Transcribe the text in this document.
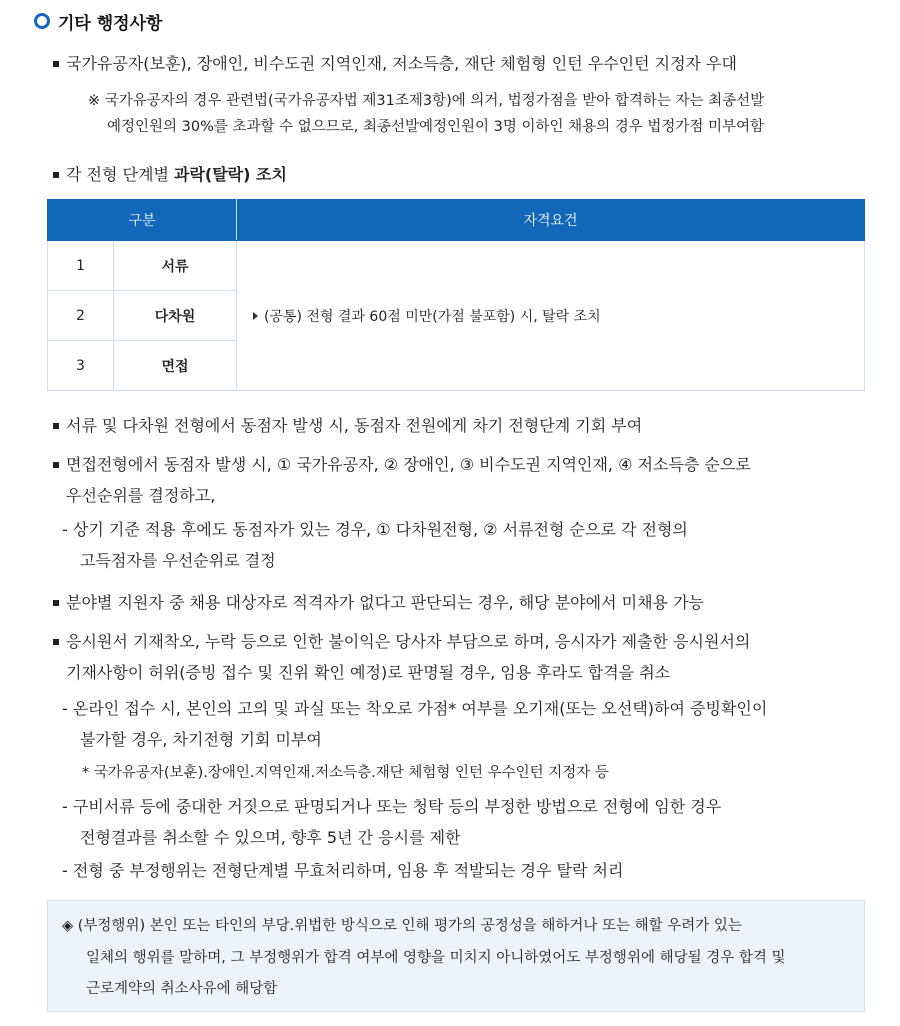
기타 행정사항
국가유공자(보훈), 장애인, 비수도권 지역인재, 저소득층, 재단 체험형 인턴 우수인턴 지정자 우대
※ 국가유공자의 경우 관련법(국가유공자법 제31조제3항)에 의거, 법정가점을 받아 합격하는 자는 최종선발
예정인원의 30%를 초과할 수 없으므로, 최종선발예정인원이 3명 이하인 채용의 경우 법정가점 미부여함
각 전형 단계별 과락(탈락) 조치
구분		자격요건
1	서류	(공통) 전형 결과 60점 미만(가점 불포함) 시, 탈락 조치
2	다차원	
3	면접	
서류 및 다차원 전형에서 동점자 발생 시, 동점자 전원에게 차기 전형단계 기회 부여
면접전형에서 동점자 발생 시, ① 국가유공자, ② 장애인, ③ 비수도권 지역인재, ④ 저소득층 순으로
우선순위를 결정하고,
- 상기 기준 적용 후에도 동점자가 있는 경우, ① 다차원전형, ② 서류전형 순으로 각 전형의
고득점자를 우선순위로 결정
분야별 지원자 중 채용 대상자로 적격자가 없다고 판단되는 경우, 해당 분야에서 미채용 가능
응시원서 기재착오, 누락 등으로 인한 불이익은 당사자 부담으로 하며, 응시자가 제출한 응시원서의
기재사항이 허위(증빙 접수 및 진위 확인 예정)로 판명될 경우, 임용 후라도 합격을 취소
- 온라인 접수 시, 본인의 고의 및 과실 또는 착오로 가점* 여부를 오기재(또는 오선택)하여 증빙확인이
불가할 경우, 차기전형 기회 미부여
* 국가유공자(보훈).장애인.지역인재.저소득층.재단 체험형 인턴 우수인턴 지정자 등
- 구비서류 등에 중대한 거짓으로 판명되거나 또는 청탁 등의 부정한 방법으로 전형에 임한 경우
전형결과를 취소할 수 있으며, 향후 5년 간 응시를 제한
- 전형 중 부정행위는 전형단계별 무효처리하며, 임용 후 적발되는 경우 탈락 처리
◈ (부정행위) 본인 또는 타인의 부당.위법한 방식으로 인해 평가의 공정성을 해하거나 또는 해할 우려가 있는
일체의 행위를 말하며, 그 부정행위가 합격 여부에 영향을 미치지 아니하였어도 부정행위에 해당될 경우 합격 및
근로계약의 취소사유에 해당함
